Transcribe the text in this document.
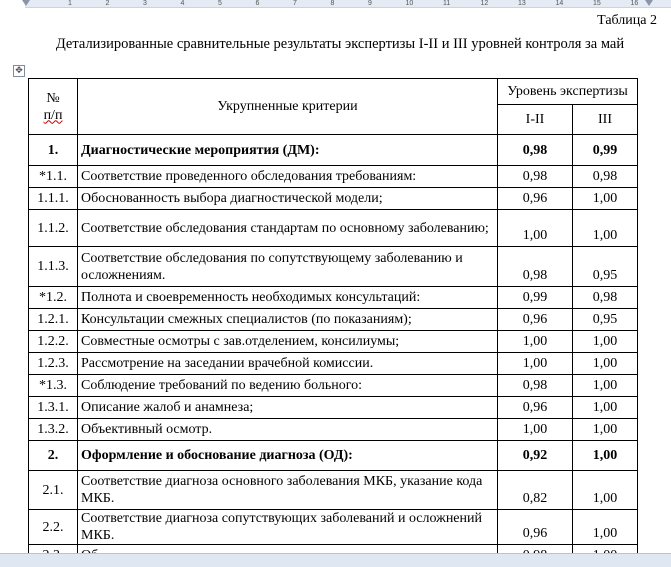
1	2	3	4	5	6	7	8	9	10	11	12	13	14	15	16
Таблица 2
Детализированные сравнительные результаты экспертизы I-II и III уровней контроля за май
✥
№
п/п	Укрупненные критерии	Уровень экспертизы	
		I-II	III
1.	Диагностические мероприятия (ДМ):	0,98	0,99
*1.1.	Соответствие проведенного обследования требованиям:	0,98	0,98
1.1.1.	Обоснованность выбора диагностической модели;	0,96	1,00
1.1.2.	Соответствие обследования стандартам по основному заболеванию;	1,00	1,00
1.1.3.	Соответствие обследования по сопутствующему заболеванию и осложнениям.	0,98	0,95
*1.2.	Полнота и своевременность необходимых консультаций:	0,99	0,98
1.2.1.	Консультации смежных специалистов (по показаниям);	0,96	0,95
1.2.2.	Совместные осмотры с зав.отделением, консилиумы;	1,00	1,00
1.2.3.	Рассмотрение на заседании врачебной комиссии.	1,00	1,00
*1.3.	Соблюдение требований по ведению больного:	0,98	1,00
1.3.1.	Описание жалоб и анамнеза;	0,96	1,00
1.3.2.	Объективный осмотр.	1,00	1,00
2.	Оформление и обоснование диагноза (ОД):	0,92	1,00
2.1.	Соответствие диагноза основного заболевания МКБ, указание кода МКБ.	0,82	1,00
2.2.	Соответствие диагноза сопутствующих заболеваний и осложнений МКБ.	0,96	1,00
